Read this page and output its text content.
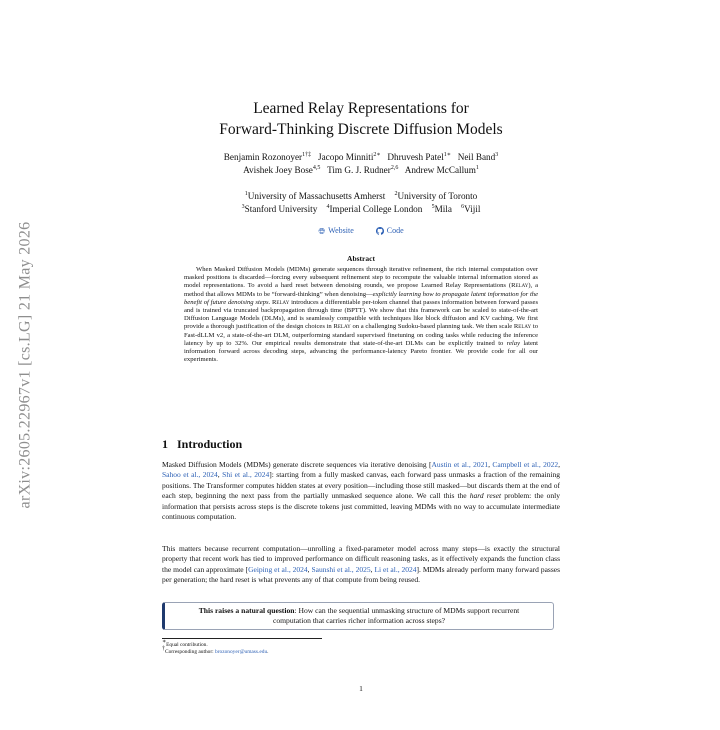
arXiv:2605.22967v1 [cs.LG] 21 May 2026
Learned Relay Representations for
Forward-Thinking Discrete Diffusion Models
Benjamin Rozonoyer$^{1\dagger\ddagger}$ Jacopo Minniti$^{2∗}$ Dhruvesh Patel$^{1∗}$ Neil Band$^3$
Avishek Joey Bose$^{4,5}$ Tim G. J. Rudner$^{2,6}$ Andrew McCallum$^1$
$^1$University of Massachusetts Amherst $^2$University of Toronto
$^3$Stanford University $^4$Imperial College London $^5$Mila $^6$Vijil
🌐︎ Website	Code
Abstract

When Masked Diffusion Models (MDMs) generate sequences through iterative refinement, the rich internal computation over masked positions is discarded—forcing every subsequent refinement step to recompute the valuable internal information stored as model representations. To avoid a hard reset between denoising rounds, we propose Learned Relay Representations (Relay), a method that allows MDMs to be “forward-thinking” when denoising—explicitly learning how to propagate latent information for the benefit of future denoising steps. Relay introduces a differentiable per-token channel that passes information between forward passes and is trained via truncated backpropagation through time (BPTT). We show that this framework can be scaled to state-of-the-art Diffusion Language Models (DLMs), and is seamlessly compatible with techniques like block diffusion and KV caching. We first provide a thorough justification of the design choices in Relay on a challenging Sudoku-based planning task. We then scale Relay to Fast-dLLM v2, a state-of-the-art DLM, outperforming standard supervised finetuning on coding tasks while reducing the inference latency by up to 32%. Our empirical results demonstrate that state-of-the-art DLMs can be explicitly trained to relay latent information forward across decoding steps, advancing the performance-latency Pareto frontier. We provide code for all our experiments.

1 Introduction

Masked Diffusion Models (MDMs) generate discrete sequences via iterative denoising [Austin et al., 2021, Campbell et al., 2022, Sahoo et al., 2024, Shi et al., 2024]: starting from a fully masked canvas, each forward pass unmasks a fraction of the remaining positions. The Transformer computes hidden states at every position—including those still masked—but discards them at the end of each step, beginning the next pass from the partially unmasked sequence alone. We call this the hard reset problem: the only information that persists across steps is the discrete tokens just committed, leaving MDMs with no way to accumulate intermediate continuous computation.

This matters because recurrent computation—unrolling a fixed-parameter model across many steps—is exactly the structural property that recent work has tied to improved performance on difficult reasoning tasks, as it effectively expands the function class the model can approximate [Geiping et al., 2024, Saunshi et al., 2025, Li et al., 2024]. MDMs already perform many forward passes per generation; the hard reset is what prevents any of that compute from being reused.

This raises a natural question: How can the sequential unmasking structure of MDMs support recurrent computation that carries richer information across steps?
∗Equal contribution.
†Corresponding author: brozonoyer@umass.edu.
1
